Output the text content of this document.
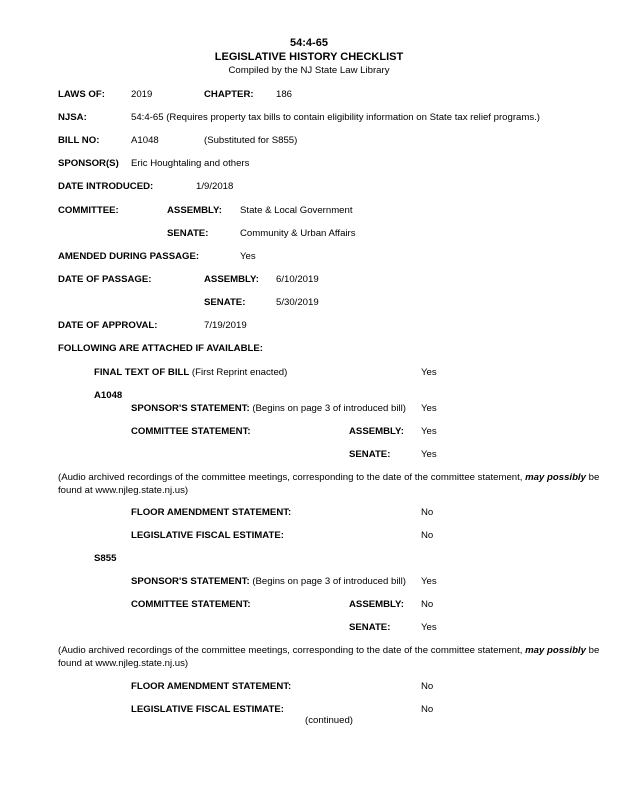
54:4-65
LEGISLATIVE HISTORY CHECKLIST
Compiled by the NJ State Law Library
LAWS OF:	2019	CHAPTER: 186
NJSA:	54:4-65 (Requires property tax bills to contain eligibility information on State tax relief programs.)
BILL NO:	A1048	(Substituted for S855)
SPONSOR(S) Eric Houghtaling and others
DATE INTRODUCED:	1/9/2018
COMMITTEE:	ASSEMBLY: State & Local Government
SENATE:	Community & Urban Affairs
AMENDED DURING PASSAGE:	Yes
DATE OF PASSAGE:	ASSEMBLY: 6/10/2019
SENATE:	5/30/2019
DATE OF APPROVAL:	7/19/2019
FOLLOWING ARE ATTACHED IF AVAILABLE:
FINAL TEXT OF BILL (First Reprint enacted)	Yes
A1048
SPONSOR'S STATEMENT: (Begins on page 3 of introduced bill) Yes
COMMITTEE STATEMENT:	ASSEMBLY: Yes
SENATE:	Yes
(Audio archived recordings of the committee meetings, corresponding to the date of the committee statement, may possibly be found at www.njleg.state.nj.us)
FLOOR AMENDMENT STATEMENT:	No
LEGISLATIVE FISCAL ESTIMATE:	No
S855
SPONSOR'S STATEMENT: (Begins on page 3 of introduced bill) Yes
COMMITTEE STATEMENT:	ASSEMBLY: No
SENATE:	Yes
(Audio archived recordings of the committee meetings, corresponding to the date of the committee statement, may possibly be found at www.njleg.state.nj.us)
FLOOR AMENDMENT STATEMENT:	No
LEGISLATIVE FISCAL ESTIMATE:	No
(continued)
